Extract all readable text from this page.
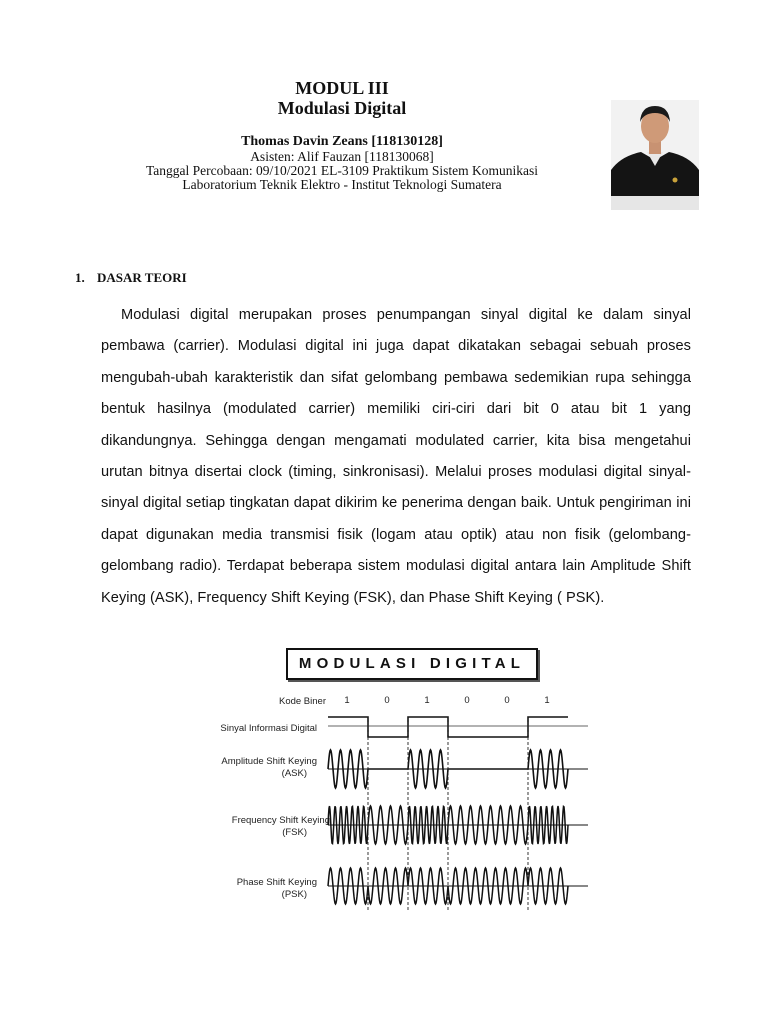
MODUL III
Modulasi Digital
Thomas Davin Zeans [118130128]
Asisten: Alif Fauzan [118130068]
Tanggal Percobaan: 09/10/2021 EL-3109 Praktikum Sistem Komunikasi
Laboratorium Teknik Elektro - Institut Teknologi Sumatera
1. DASAR TEORI

Modulasi digital merupakan proses penumpangan sinyal digital ke dalam sinyal pembawa (carrier). Modulasi digital ini juga dapat dikatakan sebagai sebuah proses mengubah-ubah karakteristik dan sifat gelombang pembawa sedemikian rupa sehingga bentuk hasilnya (modulated carrier) memiliki ciri-ciri dari bit 0 atau bit 1 yang dikandungnya. Sehingga dengan mengamati modulated carrier, kita bisa mengetahui urutan bitnya disertai clock (timing, sinkronisasi). Melalui proses modulasi digital sinyal-sinyal digital setiap tingkatan dapat dikirim ke penerima dengan baik. Untuk pengiriman ini dapat digunakan media transmisi fisik (logam atau optik) atau non fisik (gelombang-gelombang radio). Terdapat beberapa sistem modulasi digital antara lain Amplitude Shift Keying (ASK), Frequency Shift Keying (FSK), dan Phase Shift Keying ( PSK).

MODULASI DIGITAL
Kode Biner 1	0	1	0	0	1
Sinyal Informasi Digital
Amplitude Shift Keying
(ASK)
Frequency Shift Keying
(FSK)
Phase Shift Keying
(PSK)
